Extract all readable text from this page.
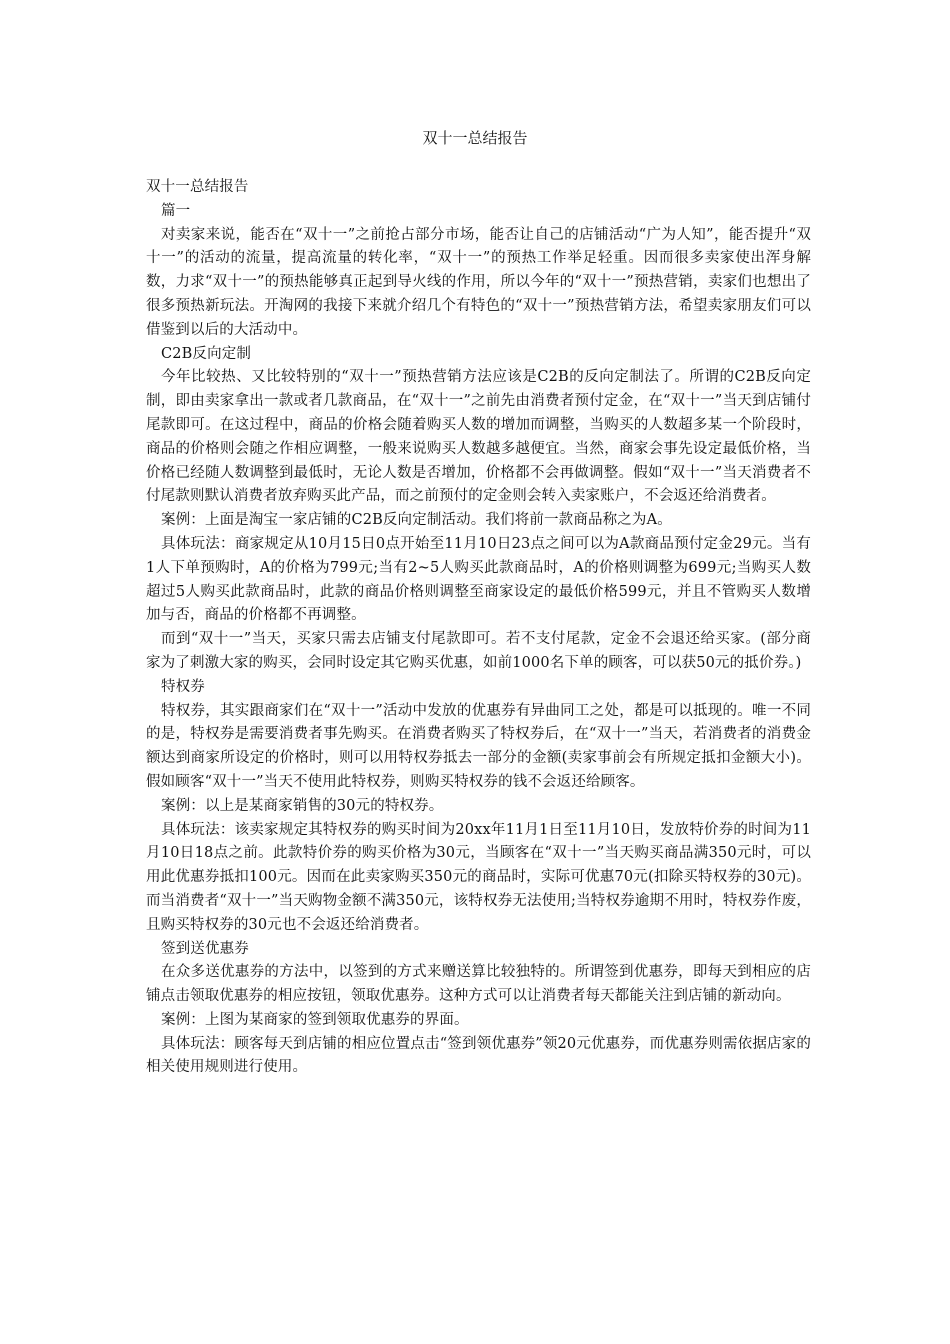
双十一总结报告

双十一总结报告

篇一

对卖家来说，能否在“双十一”之前抢占部分市场，能否让自己的店铺活动“广为人知”，能否提升“双十一”的活动的流量，提高流量的转化率，“双十一”的预热工作举足轻重。因而很多卖家使出浑身解数，力求“双十一”的预热能够真正起到导火线的作用，所以今年的“双十一”预热营销，卖家们也想出了很多预热新玩法。开淘网的我接下来就介绍几个有特色的“双十一”预热营销方法，希望卖家朋友们可以借鉴到以后的大活动中。

C2B反向定制

今年比较热、又比较特别的“双十一”预热营销方法应该是C2B的反向定制法了。所谓的C2B反向定制，即由卖家拿出一款或者几款商品，在“双十一”之前先由消费者预付定金，在“双十一”当天到店铺付尾款即可。在这过程中，商品的价格会随着购买人数的增加而调整，当购买的人数超多某一个阶段时，商品的价格则会随之作相应调整，一般来说购买人数越多越便宜。当然，商家会事先设定最低价格，当价格已经随人数调整到最低时，无论人数是否增加，价格都不会再做调整。假如“双十一”当天消费者不付尾款则默认消费者放弃购买此产品，而之前预付的定金则会转入卖家账户，不会返还给消费者。

案例：上面是淘宝一家店铺的C2B反向定制活动。我们将前一款商品称之为A。

具体玩法：商家规定从10月15日0点开始至11月10日23点之间可以为A款商品预付定金29元。当有1人下单预购时，A的价格为799元;当有2~5人购买此款商品时，A的价格则调整为699元;当购买人数超过5人购买此款商品时，此款的商品价格则调整至商家设定的最低价格599元，并且不管购买人数增加与否，商品的价格都不再调整。

而到“双十一”当天，买家只需去店铺支付尾款即可。若不支付尾款，定金不会退还给买家。(部分商家为了刺激大家的购买，会同时设定其它购买优惠，如前1000名下单的顾客，可以获50元的抵价券。)

特权券

特权券，其实跟商家们在“双十一”活动中发放的优惠券有异曲同工之处，都是可以抵现的。唯一不同的是，特权券是需要消费者事先购买。在消费者购买了特权券后，在“双十一”当天，若消费者的消费金额达到商家所设定的价格时，则可以用特权券抵去一部分的金额(卖家事前会有所规定抵扣金额大小)。假如顾客“双十一”当天不使用此特权券，则购买特权券的钱不会返还给顾客。

案例：以上是某商家销售的30元的特权券。

具体玩法：该卖家规定其特权券的购买时间为20xx年11月1日至11月10日，发放特价券的时间为11月10日18点之前。此款特价券的购买价格为30元，当顾客在“双十一”当天购买商品满350元时，可以用此优惠券抵扣100元。因而在此卖家购买350元的商品时，实际可优惠70元(扣除买特权券的30元)。而当消费者“双十一”当天购物金额不满350元，该特权券无法使用;当特权券逾期不用时，特权券作废，且购买特权券的30元也不会返还给消费者。

签到送优惠券

在众多送优惠券的方法中，以签到的方式来赠送算比较独特的。所谓签到优惠券，即每天到相应的店铺点击领取优惠券的相应按钮，领取优惠券。这种方式可以让消费者每天都能关注到店铺的新动向。

案例：上图为某商家的签到领取优惠券的界面。

具体玩法：顾客每天到店铺的相应位置点击“签到领优惠券”领20元优惠券，而优惠券则需依据店家的相关使用规则进行使用。
